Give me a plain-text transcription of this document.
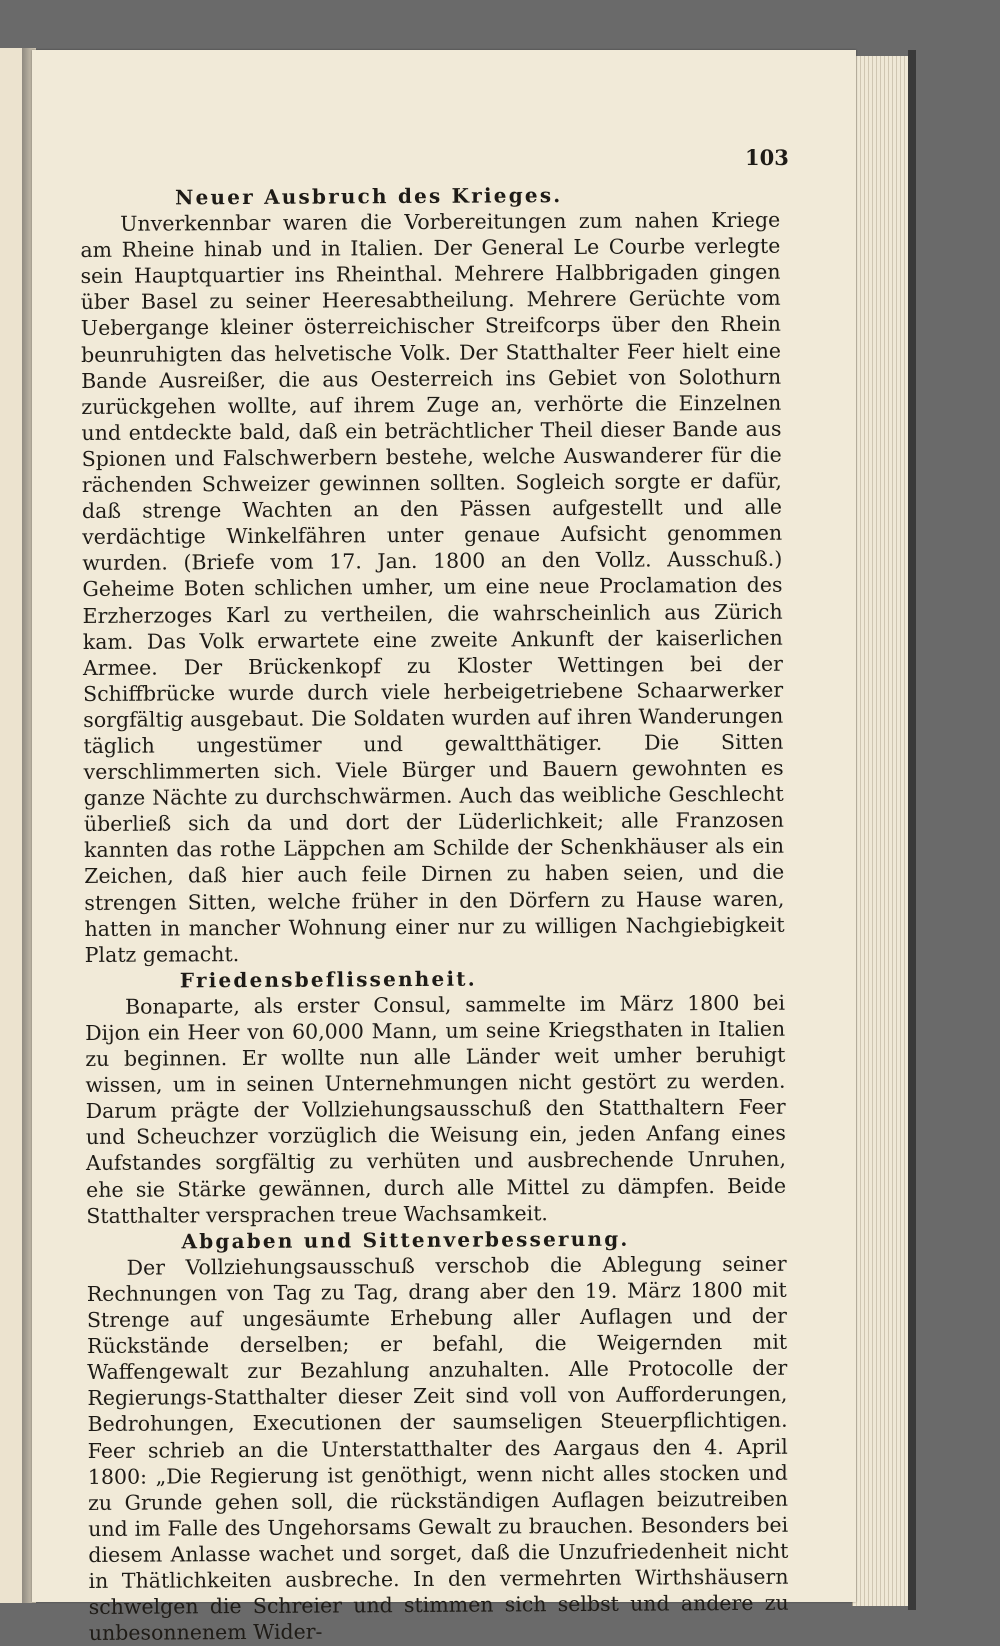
103
Neuer Ausbruch des Krieges.

Unverkennbar waren die Vorbereitungen zum nahen Kriege am Rheine hinab und in Italien. Der General Le Courbe verlegte sein Hauptquartier ins Rheinthal. Mehrere Halbbrigaden gingen über Basel zu seiner Heeresabtheilung. Mehrere Gerüchte vom Uebergange kleiner österreichischer Streifcorps über den Rhein beunruhigten das helvetische Volk. Der Statthalter Feer hielt eine Bande Ausreißer, die aus Oesterreich ins Gebiet von Solothurn zurückgehen wollte, auf ihrem Zuge an, verhörte die Einzelnen und entdeckte bald, daß ein beträchtlicher Theil dieser Bande aus Spionen und Falschwerbern bestehe, welche Auswanderer für die rächenden Schweizer gewinnen sollten. Sogleich sorgte er dafür, daß strenge Wachten an den Pässen aufgestellt und alle verdächtige Winkelfähren unter genaue Aufsicht genommen wurden. (Briefe vom 17. Jan. 1800 an den Vollz. Ausschuß.) Geheime Boten schlichen umher, um eine neue Proclamation des Erzherzoges Karl zu vertheilen, die wahrscheinlich aus Zürich kam. Das Volk erwartete eine zweite Ankunft der kaiserlichen Armee. Der Brückenkopf zu Kloster Wettingen bei der Schiffbrücke wurde durch viele herbeigetriebene Schaarwerker sorgfältig ausgebaut. Die Soldaten wurden auf ihren Wanderungen täglich ungestümer und gewaltthätiger. Die Sitten verschlimmerten sich. Viele Bürger und Bauern gewohnten es ganze Nächte zu durchschwärmen. Auch das weibliche Geschlecht überließ sich da und dort der Lüderlichkeit; alle Franzosen kannten das rothe Läppchen am Schilde der Schenkhäuser als ein Zeichen, daß hier auch feile Dirnen zu haben seien, und die strengen Sitten, welche früher in den Dörfern zu Hause waren, hatten in mancher Wohnung einer nur zu willigen Nachgiebigkeit Platz gemacht.

Friedensbeflissenheit.

Bonaparte, als erster Consul, sammelte im März 1800 bei Dijon ein Heer von 60,000 Mann, um seine Kriegsthaten in Italien zu beginnen. Er wollte nun alle Länder weit umher beruhigt wissen, um in seinen Unternehmungen nicht gestört zu werden. Darum prägte der Vollziehungsausschuß den Statthaltern Feer und Scheuchzer vorzüglich die Weisung ein, jeden Anfang eines Aufstandes sorgfältig zu verhüten und ausbrechende Unruhen, ehe sie Stärke gewännen, durch alle Mittel zu dämpfen. Beide Statthalter versprachen treue Wachsamkeit.

Abgaben und Sittenverbesserung.

Der Vollziehungsausschuß verschob die Ablegung seiner Rechnungen von Tag zu Tag, drang aber den 19. März 1800 mit Strenge auf ungesäumte Erhebung aller Auflagen und der Rückstände derselben; er befahl, die Weigernden mit Waffengewalt zur Bezahlung anzuhalten. Alle Protocolle der Regierungs-Statthalter dieser Zeit sind voll von Aufforderungen, Bedrohungen, Executionen der saumseligen Steuerpflichtigen. Feer schrieb an die Unterstatthalter des Aargaus den 4. April 1800: „Die Regierung ist genöthigt, wenn nicht alles stocken und zu Grunde gehen soll, die rückständigen Auflagen beizutreiben und im Falle des Ungehorsams Gewalt zu brauchen. Besonders bei diesem Anlasse wachet und sorget, daß die Unzufriedenheit nicht in Thätlichkeiten ausbreche. In den vermehrten Wirthshäusern schwelgen die Schreier und stimmen sich selbst und andere zu unbesonnenem Wider-
